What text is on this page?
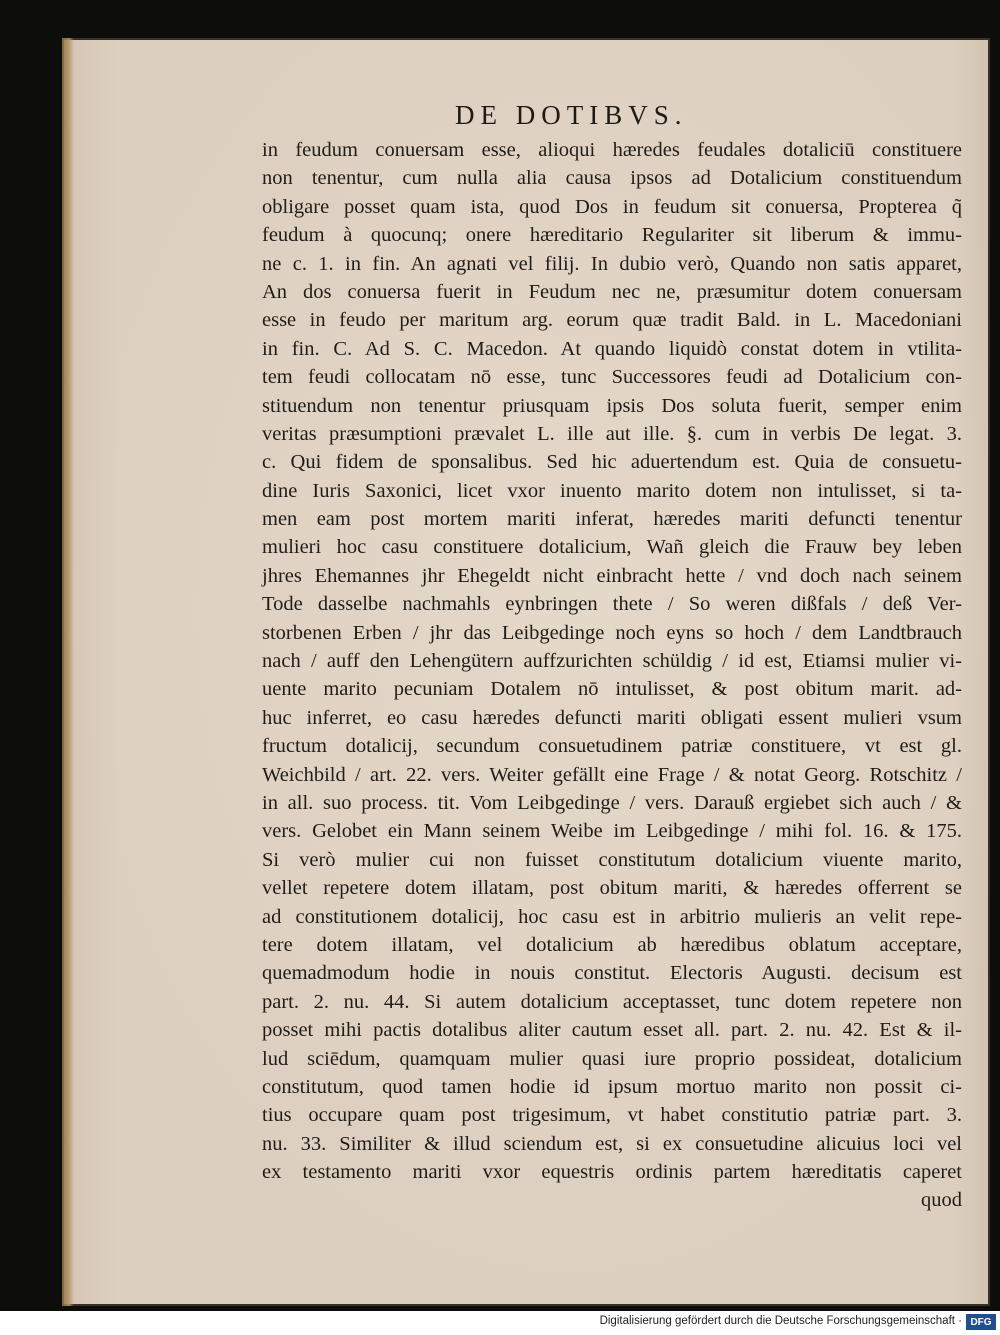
DE DOTIBVS.
in feudum conuersam esse, alioqui hæredes feudales dotaliciū constituere
non tenentur, cum nulla alia causa ipsos ad Dotalicium constituendum
obligare posset quam ista, quod Dos in feudum sit conuersa, Propterea q̃
feudum à quocunq; onere hæreditario Regulariter sit liberum & immu-
ne c. 1. in fin. An agnati vel filij. In dubio verò, Quando non satis apparet,
An dos conuersa fuerit in Feudum nec ne, præsumitur dotem conuersam
esse in feudo per maritum arg. eorum quæ tradit Bald. in L. Macedoniani
in fin. C. Ad S. C. Macedon. At quando liquidò constat dotem in vtilita-
tem feudi collocatam nō esse, tunc Successores feudi ad Dotalicium con-
stituendum non tenentur priusquam ipsis Dos soluta fuerit, semper enim
veritas præsumptioni prævalet L. ille aut ille. §. cum in verbis De legat. 3.
c. Qui fidem de sponsalibus. Sed hic aduertendum est. Quia de consuetu-
dine Iuris Saxonici, licet vxor inuento marito dotem non intulisset, si ta-
men eam post mortem mariti inferat, hæredes mariti defuncti tenentur
mulieri hoc casu constituere dotalicium, Wañ gleich die Frauw bey leben
jhres Ehemannes jhr Ehegeldt nicht einbracht hette / vnd doch nach seinem
Tode dasselbe nachmahls eynbringen thete / So weren dißfals / deß Ver-
storbenen Erben / jhr das Leibgedinge noch eyns so hoch / dem Landtbrauch
nach / auff den Lehengütern auffzurichten schüldig / id est, Etiamsi mulier vi-
uente marito pecuniam Dotalem nō intulisset, & post obitum marit. ad-
huc inferret, eo casu hæredes defuncti mariti obligati essent mulieri vsum
fructum dotalicij, secundum consuetudinem patriæ constituere, vt est gl.
Weichbild / art. 22. vers. Weiter gefällt eine Frage / & notat Georg. Rotschitz /
in all. suo process. tit. Vom Leibgedinge / vers. Darauß ergiebet sich auch / &
vers. Gelobet ein Mann seinem Weibe im Leibgedinge / mihi fol. 16. & 175.
Si verò mulier cui non fuisset constitutum dotalicium viuente marito,
vellet repetere dotem illatam, post obitum mariti, & hæredes offerrent se
ad constitutionem dotalicij, hoc casu est in arbitrio mulieris an velit repe-
tere dotem illatam, vel dotalicium ab hæredibus oblatum acceptare,
quemadmodum hodie in nouis constitut. Electoris Augusti. decisum est
part. 2. nu. 44. Si autem dotalicium acceptasset, tunc dotem repetere non
posset mihi pactis dotalibus aliter cautum esset all. part. 2. nu. 42. Est & il-
lud sciēdum, quamquam mulier quasi iure proprio possideat, dotalicium
constitutum, quod tamen hodie id ipsum mortuo marito non possit ci-
tius occupare quam post trigesimum, vt habet constitutio patriæ part. 3.
nu. 33. Similiter & illud sciendum est, si ex consuetudine alicuius loci vel
ex testamento mariti vxor equestris ordinis partem hæreditatis caperet
quod
Digitalisierung gefördert durch die Deutsche Forschungsgemeinschaft · DFG
